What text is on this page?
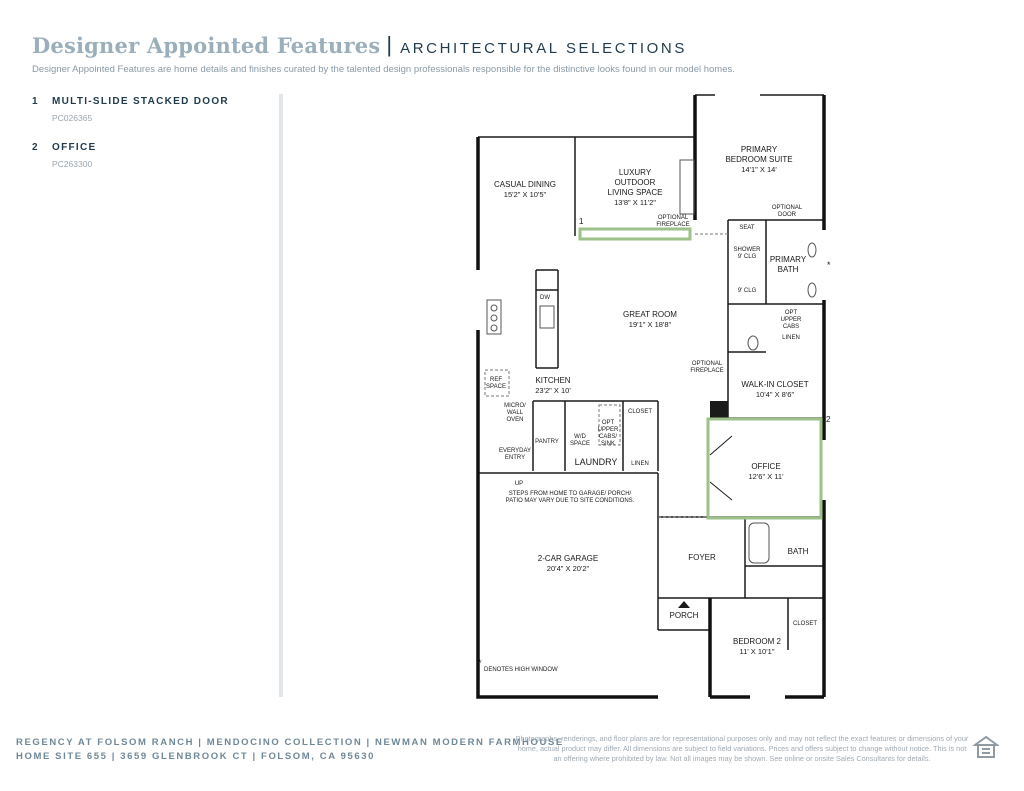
Designer Appointed Features | ARCHITECTURAL SELECTIONS
Designer Appointed Features are home details and finishes curated by the talented design professionals responsible for the distinctive looks found in our model homes.
1 MULTI-SLIDE STACKED DOOR
PC026365
2 OFFICE
PC263300
CASUAL DINING
15'2" X 10'5"
LUXURY
OUTDOOR
LIVING SPACE
13'8" X 11'2"
PRIMARY
BEDROOM SUITE
14'1" X 14'
GREAT ROOM
19'1" X 18'8"
KITCHEN
23'2" X 10'
PRIMARY
BATH
WALK-IN CLOSET
10'4" X 8'6"
OFFICE
12'6" X 11'
2-CAR GARAGE
20'4" X 20'2"
FOYER
BATH
PORCH
BEDROOM 2
11' X 10'1"
OPTIONAL
FIREPLACE
OPTIONAL
FIREPLACE
OPTIONAL
DOOR
SEAT
SHOWER
9' CLG
9' CLG
OPT
UPPER
CABS
LINEN
DW
REF
SPACE
MICRO/
WALL
OVEN
PANTRY
W/D
SPACE
OPT
UPPER
CABS/
SINK
CLOSET
LINEN
EVERYDAY
ENTRY
UP
STEPS FROM HOME TO GARAGE/ PORCH/
PATIO MAY VARY DUE TO SITE CONDITIONS.
CLOSET
DENOTES HIGH WINDOW
LAUNDRY
*
*
1
2
REGENCY AT FOLSOM RANCH | MENDOCINO COLLECTION | NEWMAN MODERN FARMHOUSE
HOME SITE 655 | 3659 GLENBROOK CT | FOLSOM, CA 95630
Photographs, renderings, and floor plans are for representational purposes only and may not reflect the exact features or dimensions of your home, actual product may differ. All dimensions are subject to field variations. Prices and offers subject to change without notice. This is not an offering where prohibited by law. Not all images may be shown. See online or onsite Sales Consultants for details.
